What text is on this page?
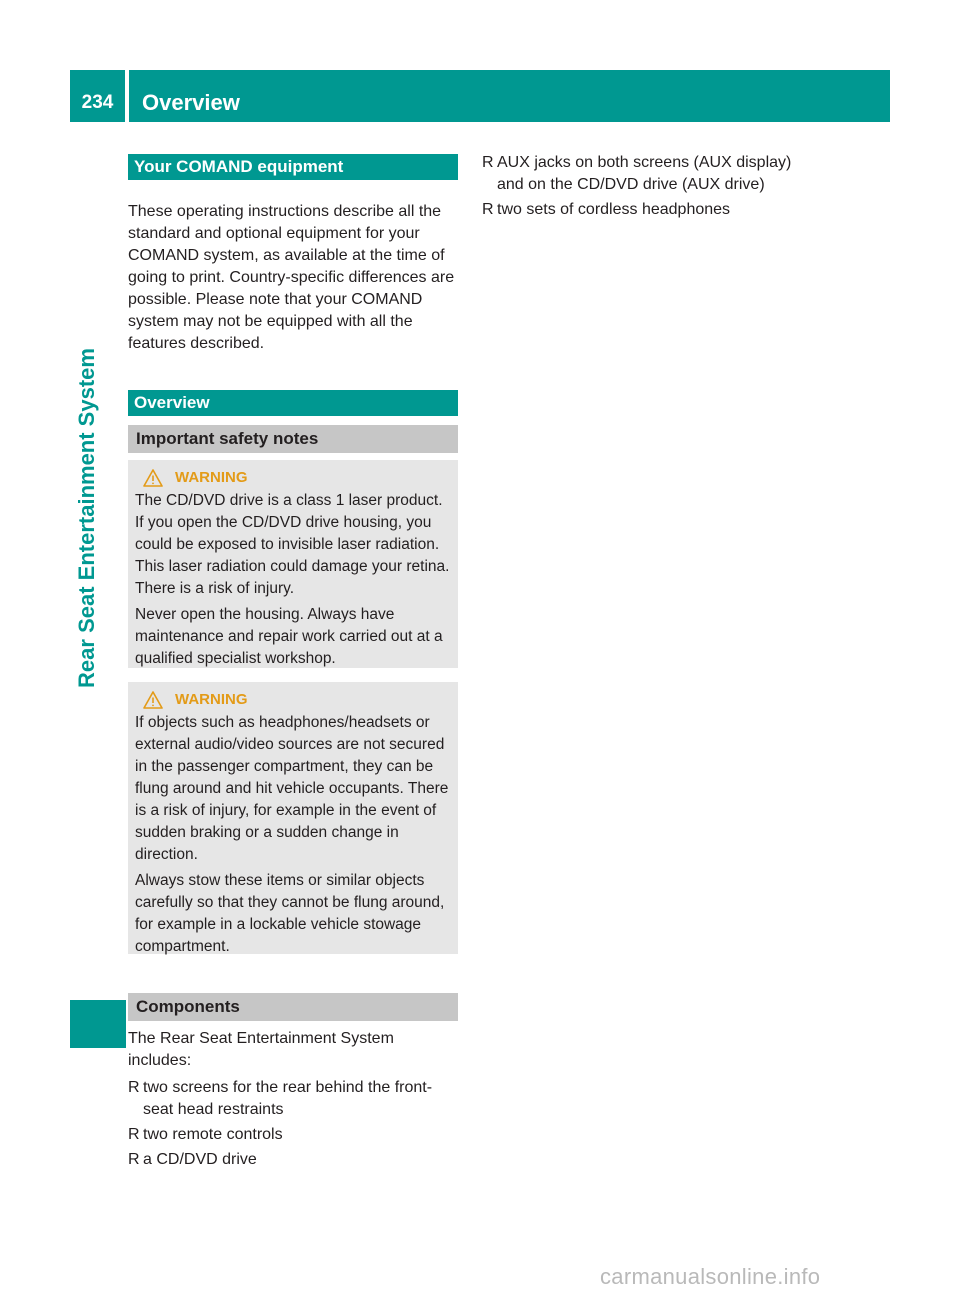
234	Overview
Rear Seat Entertainment System
Your COMAND equipment

These operating instructions describe all the standard and optional equipment for your COMAND system, as available at the time of going to print. Country-specific differences are possible. Please note that your COMAND system may not be equipped with all the features described.

Overview
Important safety notes
WARNING

The CD/DVD drive is a class 1 laser product. If you open the CD/DVD drive housing, you could be exposed to invisible laser radiation. This laser radiation could damage your retina. There is a risk of injury.

Never open the housing. Always have maintenance and repair work carried out at a qualified specialist workshop.

WARNING

If objects such as headphones/headsets or external audio/video sources are not secured in the passenger compartment, they can be flung around and hit vehicle occupants. There is a risk of injury, for example in the event of sudden braking or a sudden change in direction.

Always stow these items or similar objects carefully so that they cannot be flung around, for example in a lockable vehicle stowage compartment.

Components

The Rear Seat Entertainment System includes:

R two screens for the rear behind the front-seat head restraints
R two remote controls
R a CD/DVD drive
R AUX jacks on both screens (AUX display) and on the CD/DVD drive (AUX drive)
R two sets of cordless headphones
carmanualsonline.info
